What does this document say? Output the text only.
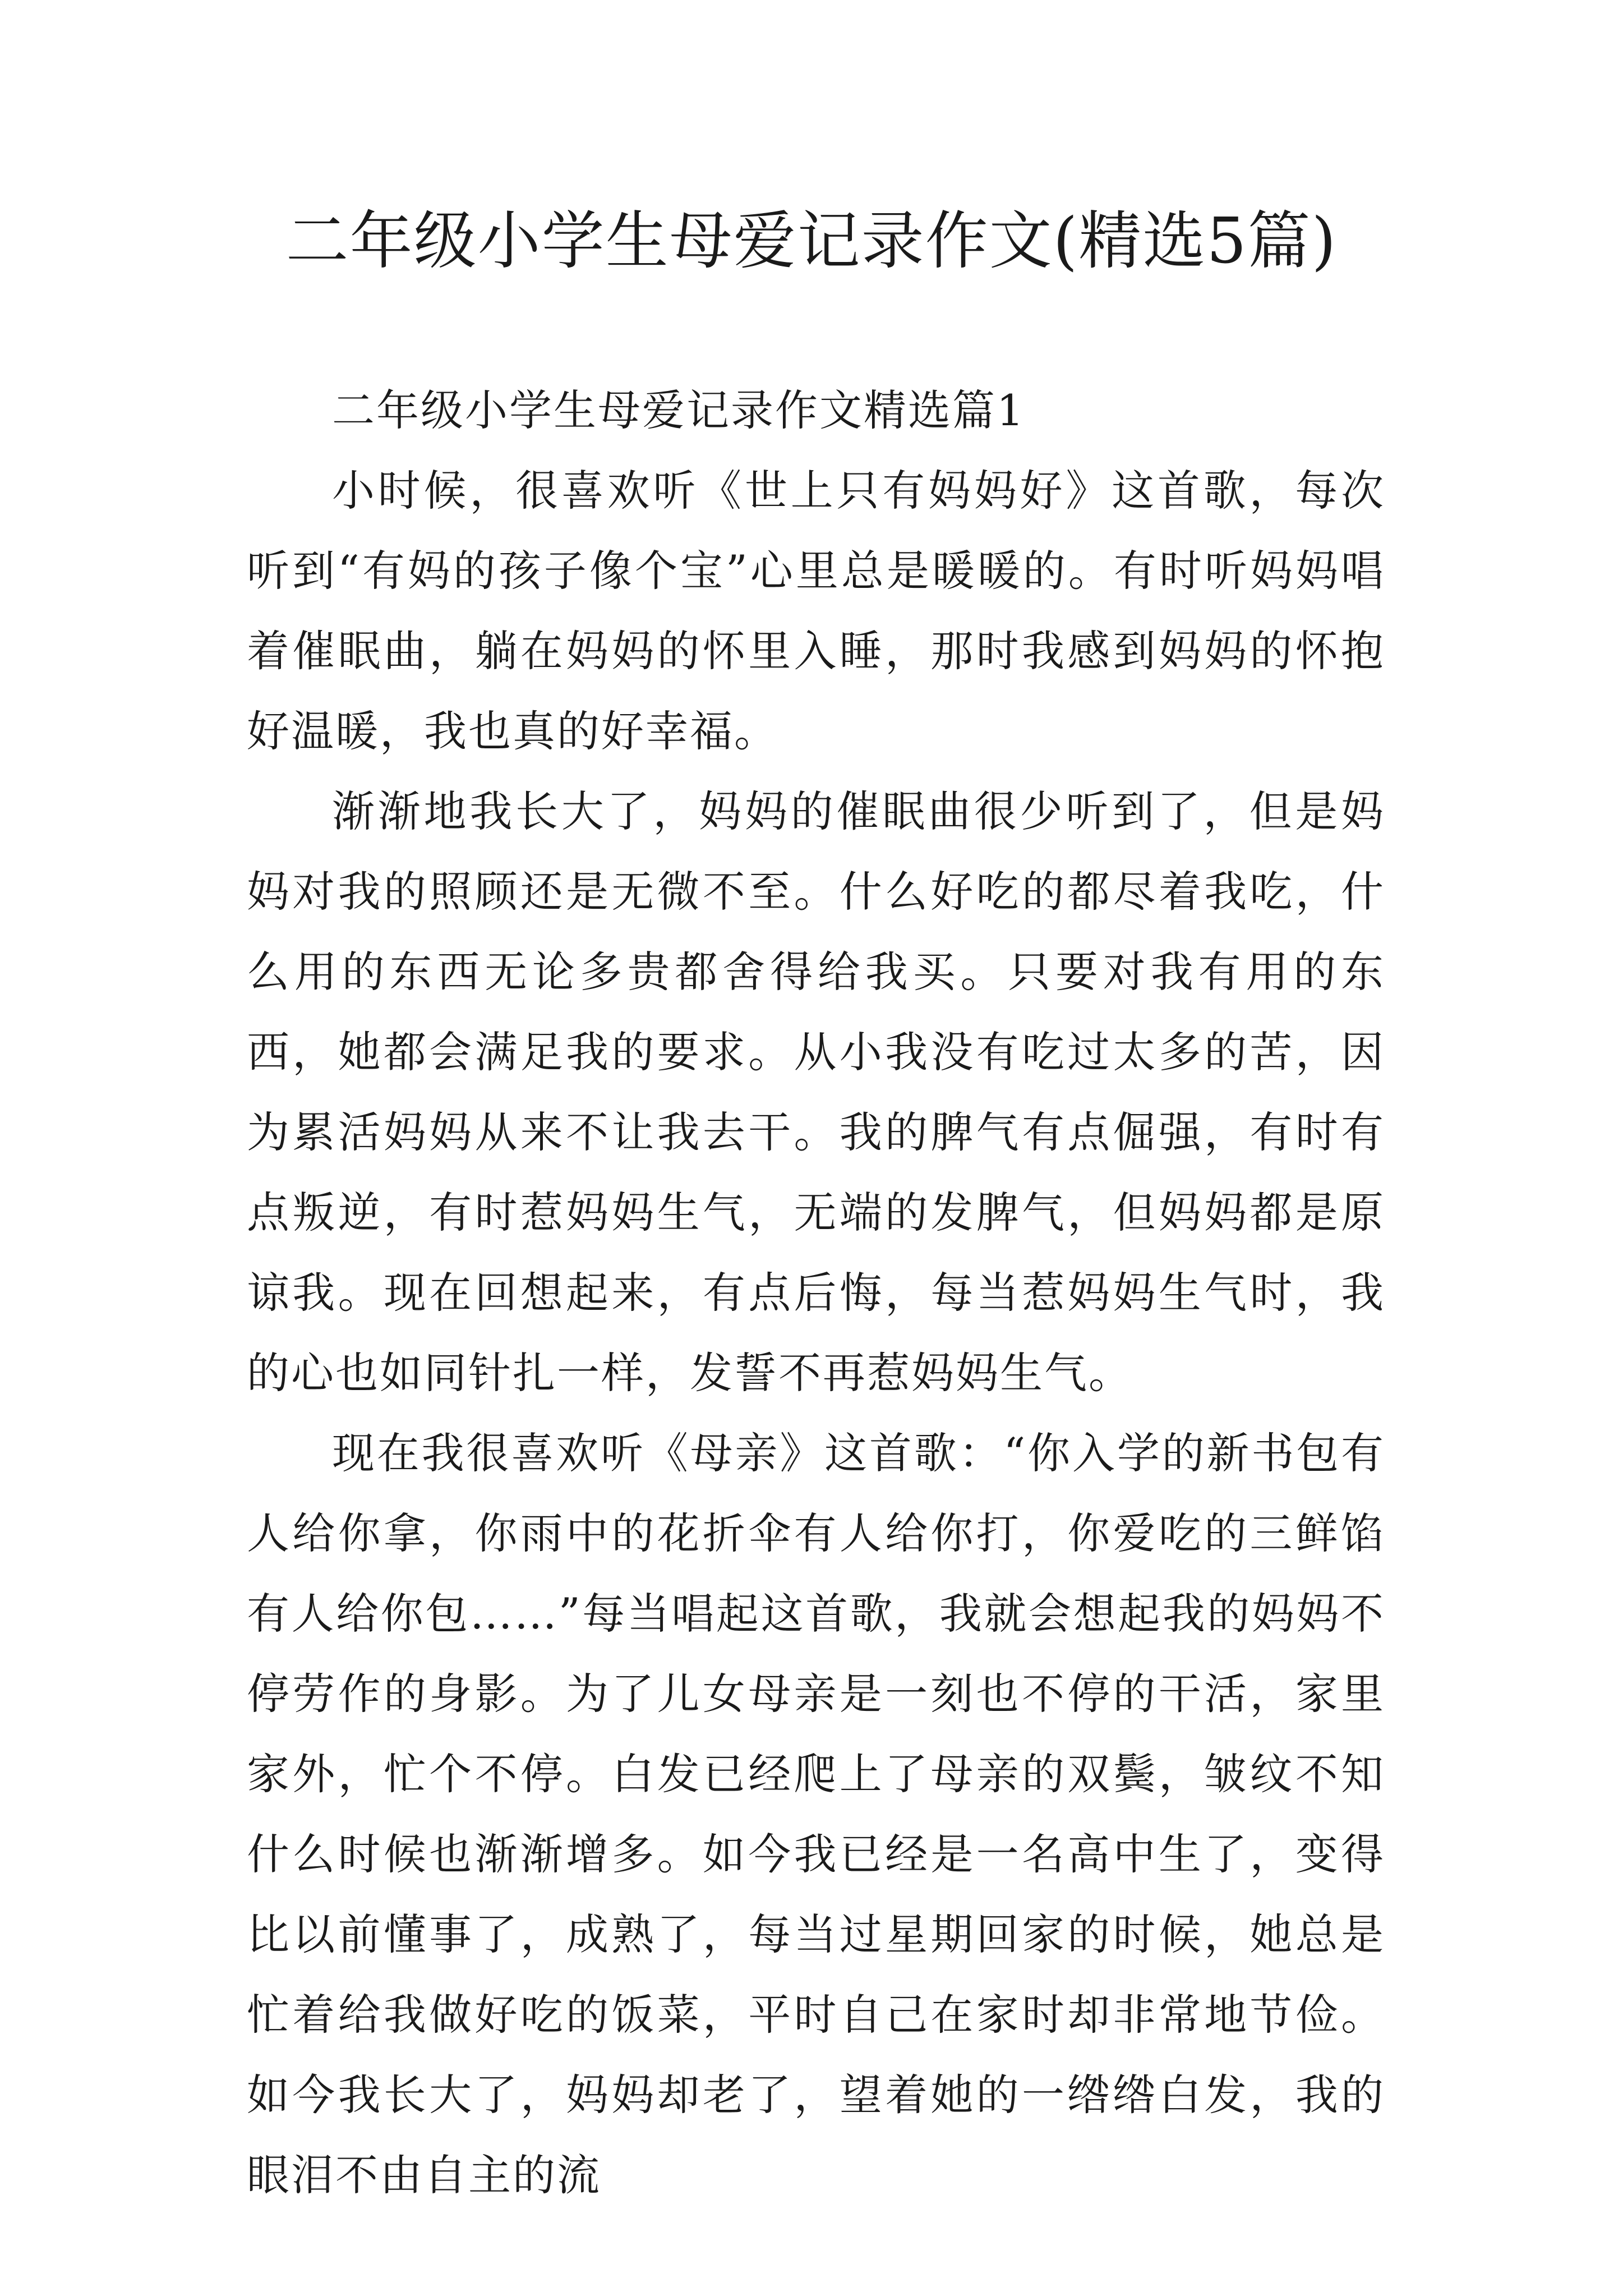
二年级小学生母爱记录作文(精选5篇)

二年级小学生母爱记录作文精选篇1

小时候，很喜欢听《世上只有妈妈好》这首歌，每次听到“有妈的孩子像个宝”心里总是暖暖的。有时听妈妈唱着催眠曲，躺在妈妈的怀里入睡，那时我感到妈妈的怀抱好温暖，我也真的好幸福。

渐渐地我长大了，妈妈的催眠曲很少听到了，但是妈妈对我的照顾还是无微不至。什么好吃的都尽着我吃，什么用的东西无论多贵都舍得给我买。只要对我有用的东西，她都会满足我的要求。从小我没有吃过太多的苦，因为累活妈妈从来不让我去干。我的脾气有点倔强，有时有点叛逆，有时惹妈妈生气，无端的发脾气，但妈妈都是原谅我。现在回想起来，有点后悔，每当惹妈妈生气时，我的心也如同针扎一样，发誓不再惹妈妈生气。

现在我很喜欢听《母亲》这首歌：“你入学的新书包有人给你拿，你雨中的花折伞有人给你打，你爱吃的三鲜馅有人给你包……”每当唱起这首歌，我就会想起我的妈妈不停劳作的身影。为了儿女母亲是一刻也不停的干活，家里家外，忙个不停。白发已经爬上了母亲的双鬓，皱纹不知什么时候也渐渐增多。如今我已经是一名高中生了，变得比以前懂事了，成熟了，每当过星期回家的时候，她总是忙着给我做好吃的饭菜，平时自己在家时却非常地节俭。如今我长大了，妈妈却老了，望着她的一绺绺白发，我的眼泪不由自主的流
